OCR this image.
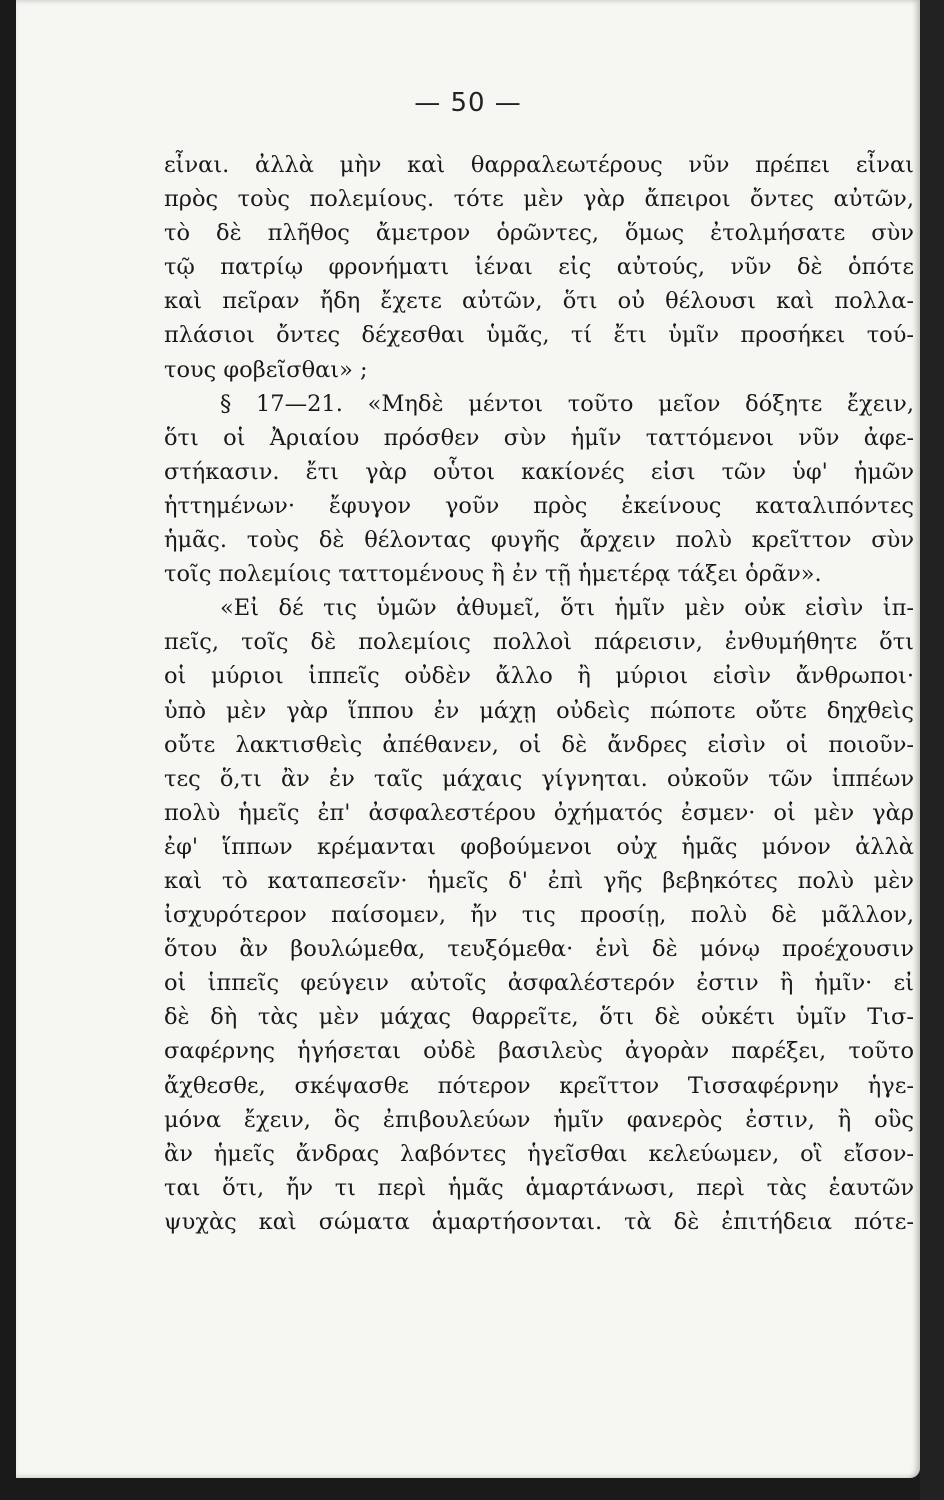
— 50 —
εἶναι. ἀλλὰ μὴν καὶ θαρραλεωτέρους νῦν πρέπει εἶναι
πρὸς τοὺς πολεμίους. τότε μὲν γὰρ ἄπειροι ὄντες αὐτῶν,
τὸ δὲ πλῆθος ἄμετρον ὁρῶντες, ὅμως ἐτολμήσατε σὺν
τῷ πατρίῳ φρονήματι ἰέναι εἰς αὐτούς, νῦν δὲ ὁπότε
καὶ πεῖραν ἤδη ἔχετε αὐτῶν, ὅτι οὐ θέλουσι καὶ πολλα-
πλάσιοι ὄντες δέχεσθαι ὑμᾶς, τί ἔτι ὑμῖν προσήκει τού-
τους φοβεῖσθαι» ;
§ 17—21. «Μηδὲ μέντοι τοῦτο μεῖον δόξητε ἔχειν,
ὅτι οἱ Ἀριαίου πρόσθεν σὺν ἡμῖν ταττόμενοι νῦν ἀφε-
στήκασιν. ἔτι γὰρ οὗτοι κακίονές εἰσι τῶν ὑφ' ἡμῶν
ἡττημένων· ἔφυγον γοῦν πρὸς ἐκείνους καταλιπόντες
ἡμᾶς. τοὺς δὲ θέλοντας φυγῆς ἄρχειν πολὺ κρεῖττον σὺν
τοῖς πολεμίοις ταττομένους ἢ ἐν τῇ ἡμετέρᾳ τάξει ὁρᾶν».
«Εἰ δέ τις ὑμῶν ἀθυμεῖ, ὅτι ἡμῖν μὲν οὐκ εἰσὶν ἱπ-
πεῖς, τοῖς δὲ πολεμίοις πολλοὶ πάρεισιν, ἐνθυμήθητε ὅτι
οἱ μύριοι ἱππεῖς οὐδὲν ἄλλο ἢ μύριοι εἰσὶν ἄνθρωποι·
ὑπὸ μὲν γὰρ ἵππου ἐν μάχῃ οὐδεὶς πώποτε οὔτε δηχθεὶς
οὔτε λακτισθεὶς ἀπέθανεν, οἱ δὲ ἄνδρες εἰσὶν οἱ ποιοῦν-
τες ὅ,τι ἂν ἐν ταῖς μάχαις γίγνηται. οὐκοῦν τῶν ἱππέων
πολὺ ἡμεῖς ἐπ' ἀσφαλεστέρου ὀχήματός ἐσμεν· οἱ μὲν γὰρ
ἐφ' ἵππων κρέμανται φοβούμενοι οὐχ ἡμᾶς μόνον ἀλλὰ
καὶ τὸ καταπεσεῖν· ἡμεῖς δ' ἐπὶ γῆς βεβηκότες πολὺ μὲν
ἰσχυρότερον παίσομεν, ἤν τις προσίῃ, πολὺ δὲ μᾶλλον,
ὅτου ἂν βουλώμεθα, τευξόμεθα· ἑνὶ δὲ μόνῳ προέχουσιν
οἱ ἱππεῖς φεύγειν αὐτοῖς ἀσφαλέστερόν ἐστιν ἢ ἡμῖν· εἰ
δὲ δὴ τὰς μὲν μάχας θαρρεῖτε, ὅτι δὲ οὐκέτι ὑμῖν Τισ-
σαφέρνης ἡγήσεται οὐδὲ βασιλεὺς ἀγορὰν παρέξει, τοῦτο
ἄχθεσθε, σκέψασθε πότερον κρεῖττον Τισσαφέρνην ἡγε-
μόνα ἔχειν, ὃς ἐπιβουλεύων ἡμῖν φανερὸς ἐστιν, ἢ οὓς
ἂν ἡμεῖς ἄνδρας λαβόντες ἡγεῖσθαι κελεύωμεν, οἳ εἴσον-
ται ὅτι, ἤν τι περὶ ἡμᾶς ἁμαρτάνωσι, περὶ τὰς ἑαυτῶν
ψυχὰς καὶ σώματα ἁμαρτήσονται. τὰ δὲ ἐπιτήδεια πότε-
